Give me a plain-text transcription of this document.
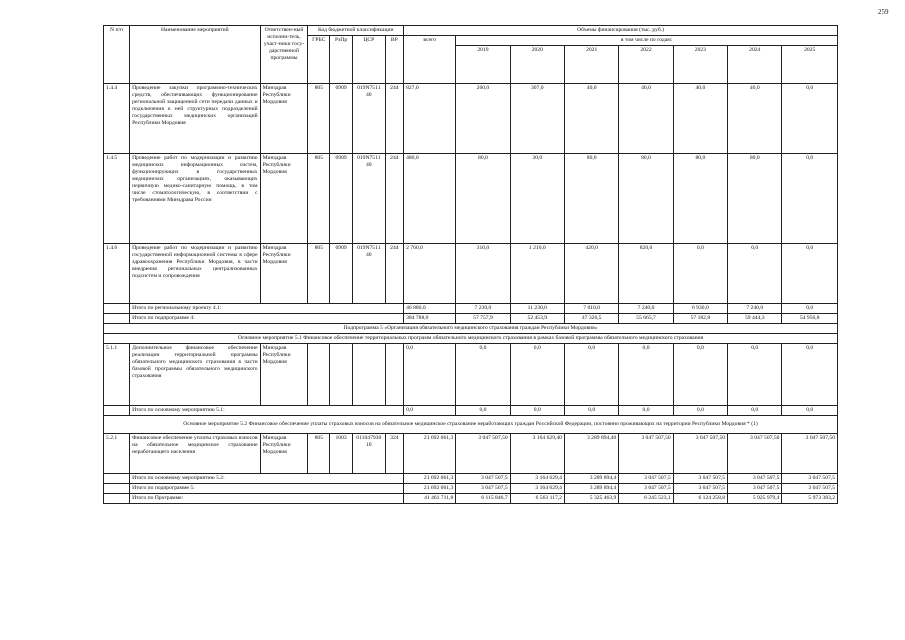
259
N п/п	Наименование мероприятий	Ответствен-ный исполни-тель, участ-ники госу-дарственной программы	Код бюджетной классификации				Объемы финансирования (тыс. руб.)							
			ГРБС	РзПр	ЦСР	ВР	всего	в том числе по годам:						
								2019	2020	2021	2022	2023	2024	2025
1.4.4	Проведение закупки программно-технических средств, обеспечивающих функционирование региональной защищенной сети передачи данных и подключения к ней структурных подразделений государственных медицинских организаций Республики Мордовия	Минздрав Республики Мордовия	805	0909	019N7511 40	244	827,0	260,0	307,0	40,0	40,0	40,0	40,0	0,0
1.4.5	Проведение работ по модернизации и развитию медицинских информационных систем, функционирующих в государственных медицинских организациях, оказывающих первичную медико-санитарную помощь, в том числе стоматологическую, в соответствии с требованиями Минздрава России	Минздрав Республики Мордовия	805	0909	019N7511 40	244	480,0	80,0	30,0	80,0	80,0	80,0	80,0	0,0
1.4.6	Проведение работ по модернизации и развитию государственной информационной системы в сфере здравоохранения Республики Мордовия, в части внедрения региональных централизованных подсистем и сопровождения	Минздрав Республики Мордовия	805	0909	019N7511 40	244	2 760,0	310,0	1 210,0	420,0	820,0	0,0	0,0	0,0
	Итого по региональному проекту 4.1:						46 880,0	7 230,0	11 230,0	7 010,0	7 240,0	6 930,0	7 240,0	0,0
	Итого по подпрограмме 4:						384 788,0	57 757,9	52 453,9	47 326,5	55 665,7	57 182,8	59 444,3	54 956,8
Подпрограмма 5 «Организация обязательного медицинского страхования граждан Республики Мордовия»														
Основное мероприятие 5.1 Финансовое обеспечение территориальных программ обязательного медицинского страхования в рамках базовой программы обязательного медицинского страхования														
5.1.1	Дополнительное финансовое обеспечение реализации территориальной программы обязательного медицинского страхования в части базовой программы обязательного медицинского страхования	Минздрав Республики Мордовия					0,0	0,0	0,0	0,0	0,0	0,0	0,0	0,0
	Итого по основному мероприятию 5.1:						0,0	0,0	0,0	0,0	0,0	0,0	0,0	0,0
Основное мероприятие 5.2 Финансовое обеспечение уплаты страховых взносов на обязательное медицинское страхование неработающих граждан Российской Федерации, постоянно проживающих на территории Республики Мордовия * (1)														
5.2.1	Финансовое обеспечение уплаты страховых взносов на обязательное медицинское страхование неработающего населения	Минздрав Республики Мордовия	805	1003	011047930 10	324	21 692 061,3	3 047 507,50	3 164 629,40	3 289 894,40	3 047 507,50	3 047 507,50	3 047 507,50	3 047 507,50
	Итого по основному мероприятию 5.2:						21 692 061,3	3 047 507,5	3 164 629,4	3 289 894,4	3 047 507,5	3 047 507,5	3 047 507,5	3 047 507,5
	Итого по подпрограмме 5:						21 692 061,3	3 047 507,5	3 164 629,4	3 289 894,4	3 047 507,5	3 047 507,5	3 047 507,5	3 047 507,5
	Итого по Программе:						41 461 711,8	6 115 846,7	6 563 117,2	5 325 463,9	6 245 523,1	6 124 258,8	5 925 979,4	5 973 383,2
